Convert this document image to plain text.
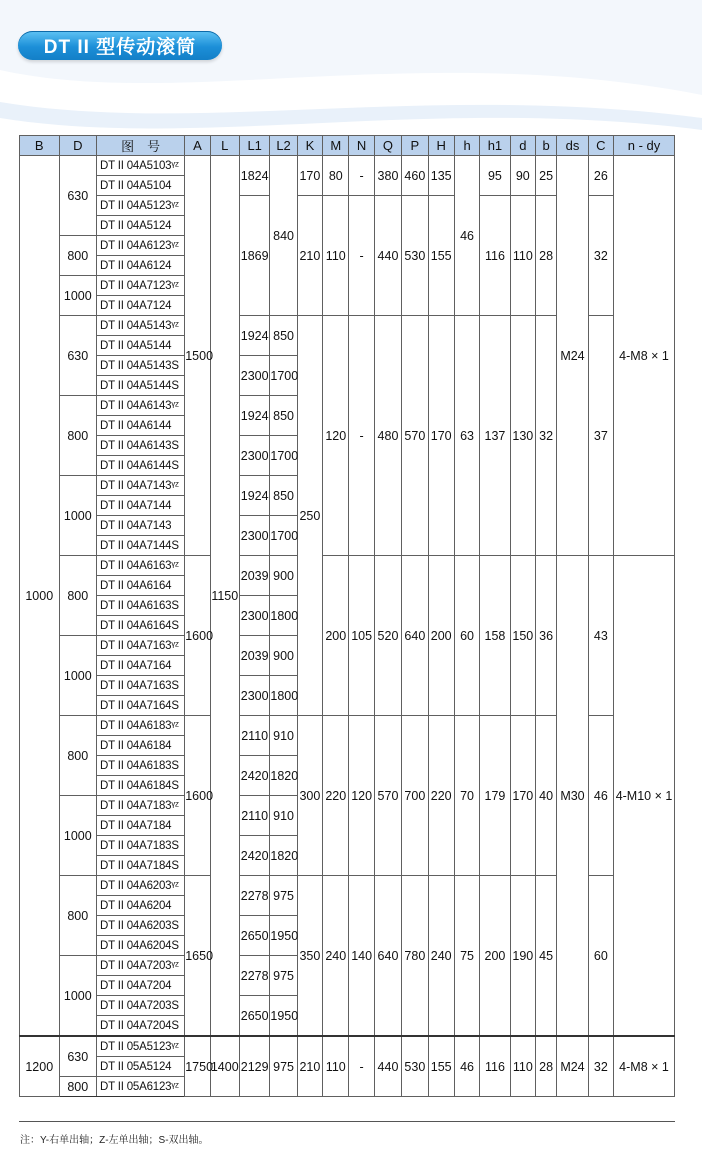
DT II 型传动滚筒
B	D	图　号	A	L	L1	L2	K	M	N	Q	P	H	h	h1	d	b	ds	C	n - dy
1000	630	DT II 04A5103ᵞᶻ	1500	1150	1824	840	170	80	-	380	460	135	46	95	90	25	M24	26	4-M8 × 1
		DT II 04A5104																	
		DT II 04A5123ᵞᶻ			1869		210	110	-	440	530	155		116	110	28		32	
		DT II 04A5124																	
	800	DT II 04A6123ᵞᶻ																	
		DT II 04A6124																	
	1000	DT II 04A7123ᵞᶻ																	
		DT II 04A7124																	
	630	DT II 04A5143ᵞᶻ			1924	850	250	120	-	480	570	170	63	137	130	32		37	
		DT II 04A5144																	
		DT II 04A5143S			2300	1700													
		DT II 04A5144S																	
	800	DT II 04A6143ᵞᶻ			1924	850													
		DT II 04A6144																	
		DT II 04A6143S			2300	1700													
		DT II 04A6144S																	
	1000	DT II 04A7143ᵞᶻ			1924	850													
		DT II 04A7144																	
		DT II 04A7143			2300	1700													
		DT II 04A7144S																	
	800	DT II 04A6163ᵞᶻ	1600		2039	900		200	105	520	640	200	60	158	150	36	M30	43	4-M10 × 1
		DT II 04A6164																	
		DT II 04A6163S			2300	1800													
		DT II 04A6164S																	
	1000	DT II 04A7163ᵞᶻ			2039	900													
		DT II 04A7164																	
		DT II 04A7163S			2300	1800													
		DT II 04A7164S																	
	800	DT II 04A6183ᵞᶻ	1600		2110	910	300	220	120	570	700	220	70	179	170	40		46	
		DT II 04A6184																	
		DT II 04A6183S			2420	1820													
		DT II 04A6184S																	
	1000	DT II 04A7183ᵞᶻ			2110	910													
		DT II 04A7184																	
		DT II 04A7183S			2420	1820													
		DT II 04A7184S																	
	800	DT II 04A6203ᵞᶻ	1650		2278	975	350	240	140	640	780	240	75	200	190	45		60	
		DT II 04A6204																	
		DT II 04A6203S			2650	1950													
		DT II 04A6204S																	
	1000	DT II 04A7203ᵞᶻ			2278	975													
		DT II 04A7204																	
		DT II 04A7203S			2650	1950													
		DT II 04A7204S																	
1200	630	DT II 05A5123ᵞᶻ	1750	1400	2129	975	210	110	-	440	530	155	46	116	110	28	M24	32	4-M8 × 1
		DT II 05A5124																	
	800	DT II 05A6123ᵞᶻ																	
注：Y-右单出轴；Z-左单出轴；S-双出轴。
